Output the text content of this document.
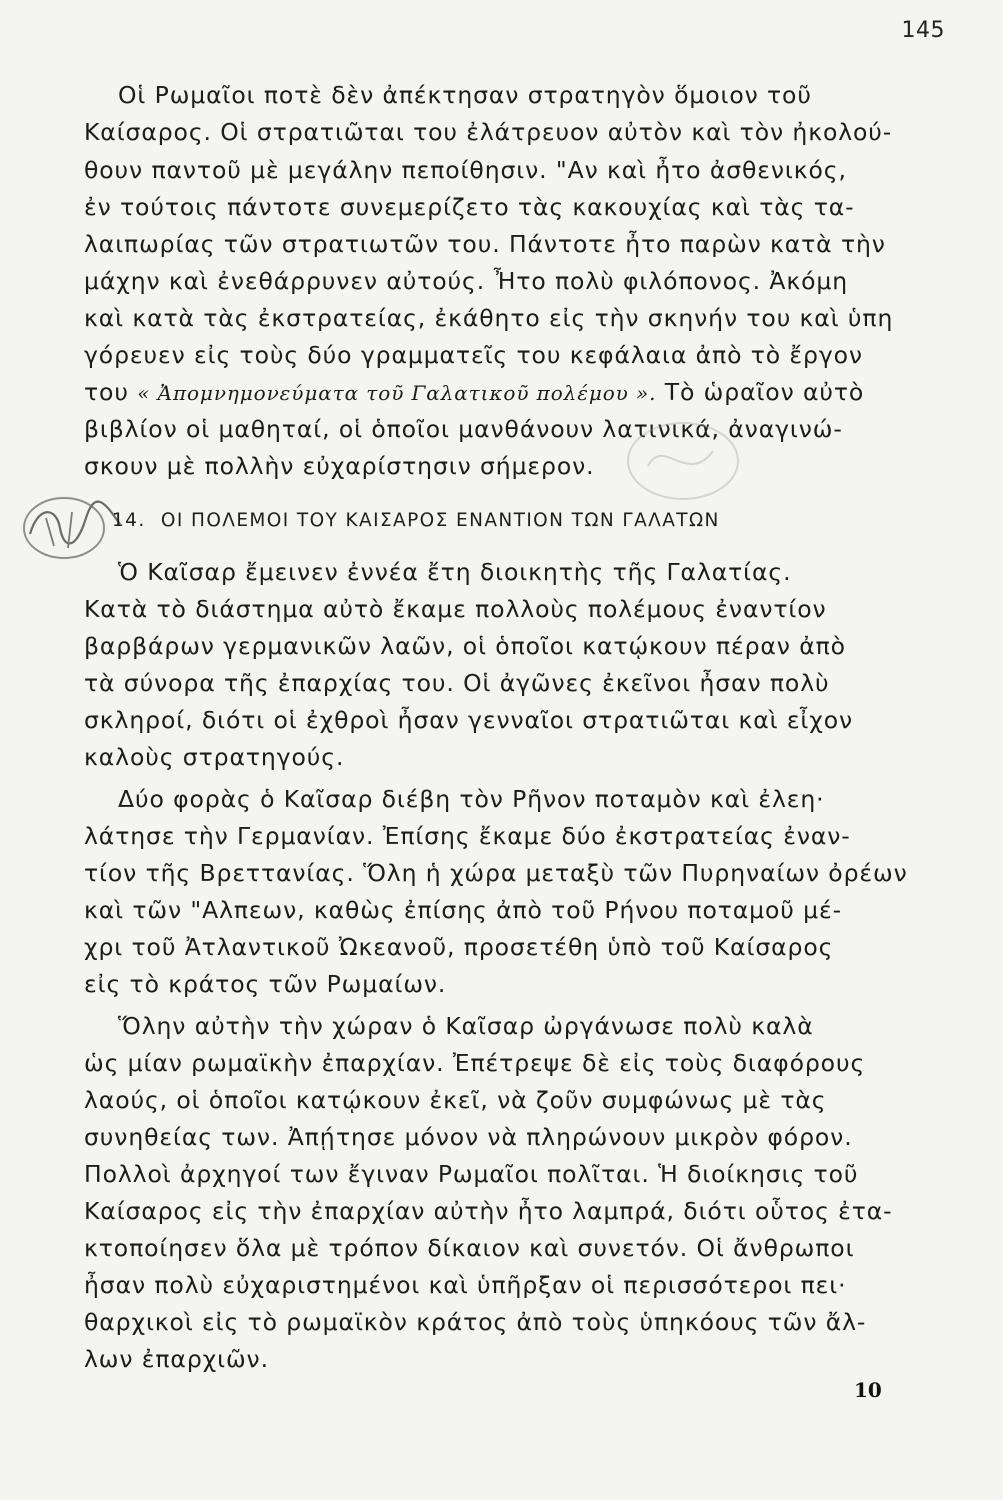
145
Οἱ Ρωμαῖοι ποτὲ δὲν ἀπέκτησαν στρατηγὸν ὅμοιον τοῦ
Καίσαρος. Οἱ στρατιῶται του ἐλάτρευον αὐτὸν καὶ τὸν ἠκολού-
θουν παντοῦ μὲ μεγάλην πεποίθησιν. "Αν καὶ ἦτο ἀσθενικός,
ἐν τούτοις πάντοτε συνεμερίζετο τὰς κακουχίας καὶ τὰς τα-
λαιπωρίας τῶν στρατιωτῶν του. Πάντοτε ἦτο παρὼν κατὰ τὴν
μάχην καὶ ἐνεθάρρυνεν αὐτούς. Ἦτο πολὺ φιλόπονος. Ἀκόμη
καὶ κατὰ τὰς ἐκστρατείας, ἐκάθητο εἰς τὴν σκηνήν του καὶ ὑπη
γόρευεν εἰς τοὺς δύο γραμματεῖς του κεφάλαια ἀπὸ τὸ ἔργον
του « Ἀπομνημονεύματα τοῦ Γαλατικοῦ πολέμου ». Τὸ ὡραῖον αὐτὸ
βιβλίον οἱ μαθηταί, οἱ ὁποῖοι μανθάνουν λατινικά, ἀναγινώ-
σκουν μὲ πολλὴν εὐχαρίστησιν σήμερον.
14. ΟΙ ΠΟΛΕΜΟΙ ΤΟΥ ΚΑΙΣΑΡΟΣ ΕΝΑΝΤΙΟΝ ΤΩΝ ΓΑΛΑΤΩΝ
Ὁ Καῖσαρ ἔμεινεν ἐννέα ἔτη διοικητὴς τῆς Γαλατίας.
Κατὰ τὸ διάστημα αὐτὸ ἔκαμε πολλοὺς πολέμους ἐναντίον
βαρβάρων γερμανικῶν λαῶν, οἱ ὁποῖοι κατῴκουν πέραν ἀπὸ
τὰ σύνορα τῆς ἐπαρχίας του. Οἱ ἀγῶνες ἐκεῖνοι ἦσαν πολὺ
σκληροί, διότι οἱ ἐχθροὶ ἦσαν γενναῖοι στρατιῶται καὶ εἶχον
καλοὺς στρατηγούς.
Δύο φορὰς ὁ Καῖσαρ διέβη τὸν Ρῆνον ποταμὸν καὶ ἐλεη·
λάτησε τὴν Γερμανίαν. Ἐπίσης ἔκαμε δύο ἐκστρατείας ἐναν-
τίον τῆς Βρεττανίας. Ὅλη ἡ χώρα μεταξὺ τῶν Πυρηναίων ὀρέων
καὶ τῶν "Αλπεων, καθὼς ἐπίσης ἀπὸ τοῦ Ρήνου ποταμοῦ μέ-
χρι τοῦ Ἀτλαντικοῦ Ὠκεανοῦ, προσετέθη ὑπὸ τοῦ Καίσαρος
εἰς τὸ κράτος τῶν Ρωμαίων.
Ὅλην αὐτὴν τὴν χώραν ὁ Καῖσαρ ὠργάνωσε πολὺ καλὰ
ὡς μίαν ρωμαϊκὴν ἐπαρχίαν. Ἐπέτρεψε δὲ εἰς τοὺς διαφόρους
λαούς, οἱ ὁποῖοι κατῴκουν ἐκεῖ, νὰ ζοῦν συμφώνως μὲ τὰς
συνηθείας των. Ἀπῄτησε μόνον νὰ πληρώνουν μικρὸν φόρον.
Πολλοὶ ἀρχηγοί των ἔγιναν Ρωμαῖοι πολῖται. Ἡ διοίκησις τοῦ
Καίσαρος εἰς τὴν ἐπαρχίαν αὐτὴν ἦτο λαμπρά, διότι οὗτος ἐτα-
κτοποίησεν ὅλα μὲ τρόπον δίκαιον καὶ συνετόν. Οἱ ἄνθρωποι
ἦσαν πολὺ εὐχαριστημένοι καὶ ὑπῆρξαν οἱ περισσότεροι πει·
θαρχικοὶ εἰς τὸ ρωμαϊκὸν κράτος ἀπὸ τοὺς ὑπηκόους τῶν ἄλ-
λων ἐπαρχιῶν.
10
